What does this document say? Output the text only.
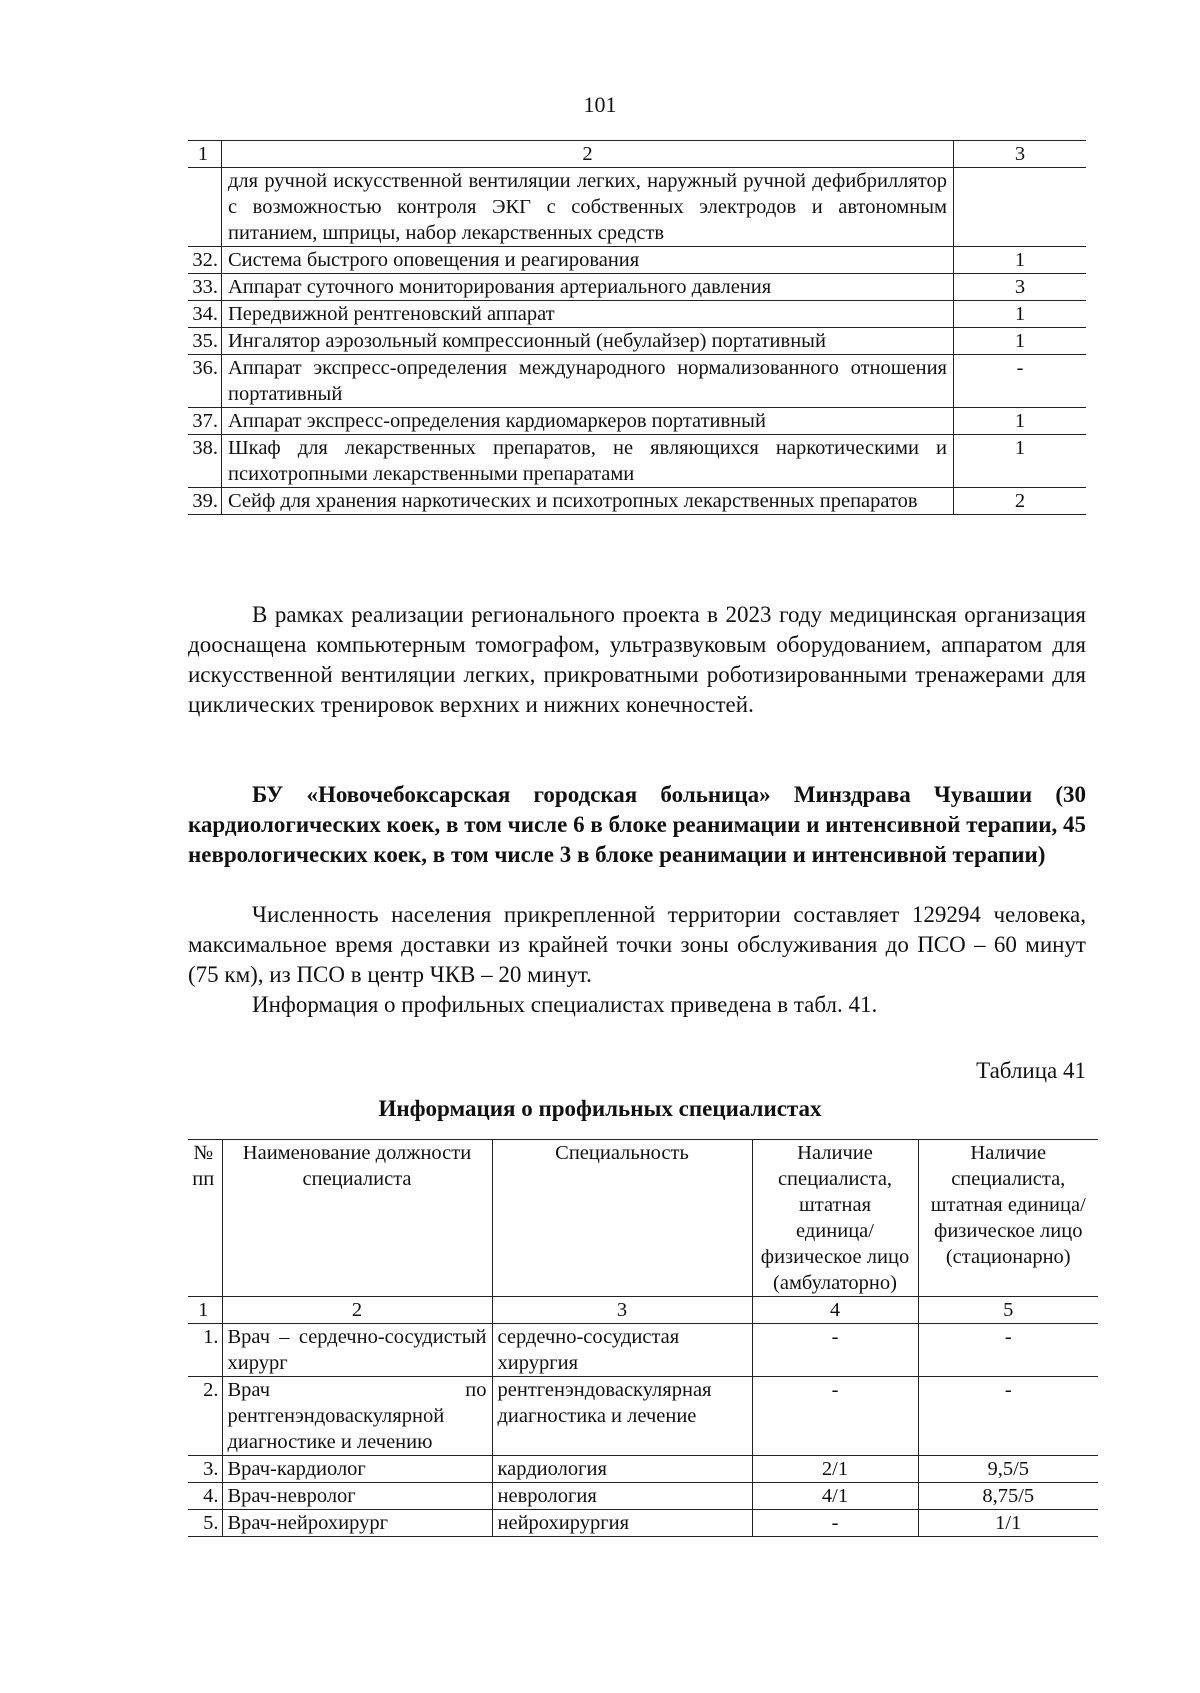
101
1	2	3
	для ручной искусственной вентиляции легких, наружный ручной дефибриллятор с возможностью контроля ЭКГ с собственных электродов и автономным питанием, шприцы, набор лекарственных средств	
32.	Система быстрого оповещения и реагирования	1
33.	Аппарат суточного мониторирования артериального давления	3
34.	Передвижной рентгеновский аппарат	1
35.	Ингалятор аэрозольный компрессионный (небулайзер) портативный	1
36.	Аппарат экспресс-определения международного нормализованного отношения портативный	-
37.	Аппарат экспресс-определения кардиомаркеров портативный	1
38.	Шкаф для лекарственных препаратов, не являющихся наркотическими и психотропными лекарственными препаратами	1
39.	Сейф для хранения наркотических и психотропных лекарственных препаратов	2

В рамках реализации регионального проекта в 2023 году медицинская организация дооснащена компьютерным томографом, ультразвуковым оборудованием, аппаратом для искусственной вентиляции легких, прикроватными роботизированными тренажерами для циклических тренировок верхних и нижних конечностей.

БУ «Новочебоксарская городская больница» Минздрава Чувашии (30 кардиологических коек, в том числе 6 в блоке реанимации и интенсивной терапии, 45 неврологических коек, в том числе 3 в блоке реанимации и интенсивной терапии)

Численность населения прикрепленной территории составляет 129294 человека, максимальное время доставки из крайней точки зоны обслуживания до ПСО – 60 минут (75 км), из ПСО в центр ЧКВ – 20 минут.

Информация о профильных специалистах приведена в табл. 41.

Таблица 41
Информация о профильных специалистах
№ пп	Наименование должности специалиста	Специальность	Наличие специалиста, штатная единица/физическое лицо (амбулаторно)	Наличие специалиста, штатная единица/физическое лицо (стационарно)
1	2	3	4	5
1.	Врач – сердечно-сосудистый хирург	сердечно-сосудистая хирургия	-	-
2.	Врач по рентгенэндоваскулярной диагностике и лечению	рентгенэндоваскулярная диагностика и лечение	-	-
3.	Врач-кардиолог	кардиология	2/1	9,5/5
4.	Врач-невролог	неврология	4/1	8,75/5
5.	Врач-нейрохирург	нейрохирургия	-	1/1
